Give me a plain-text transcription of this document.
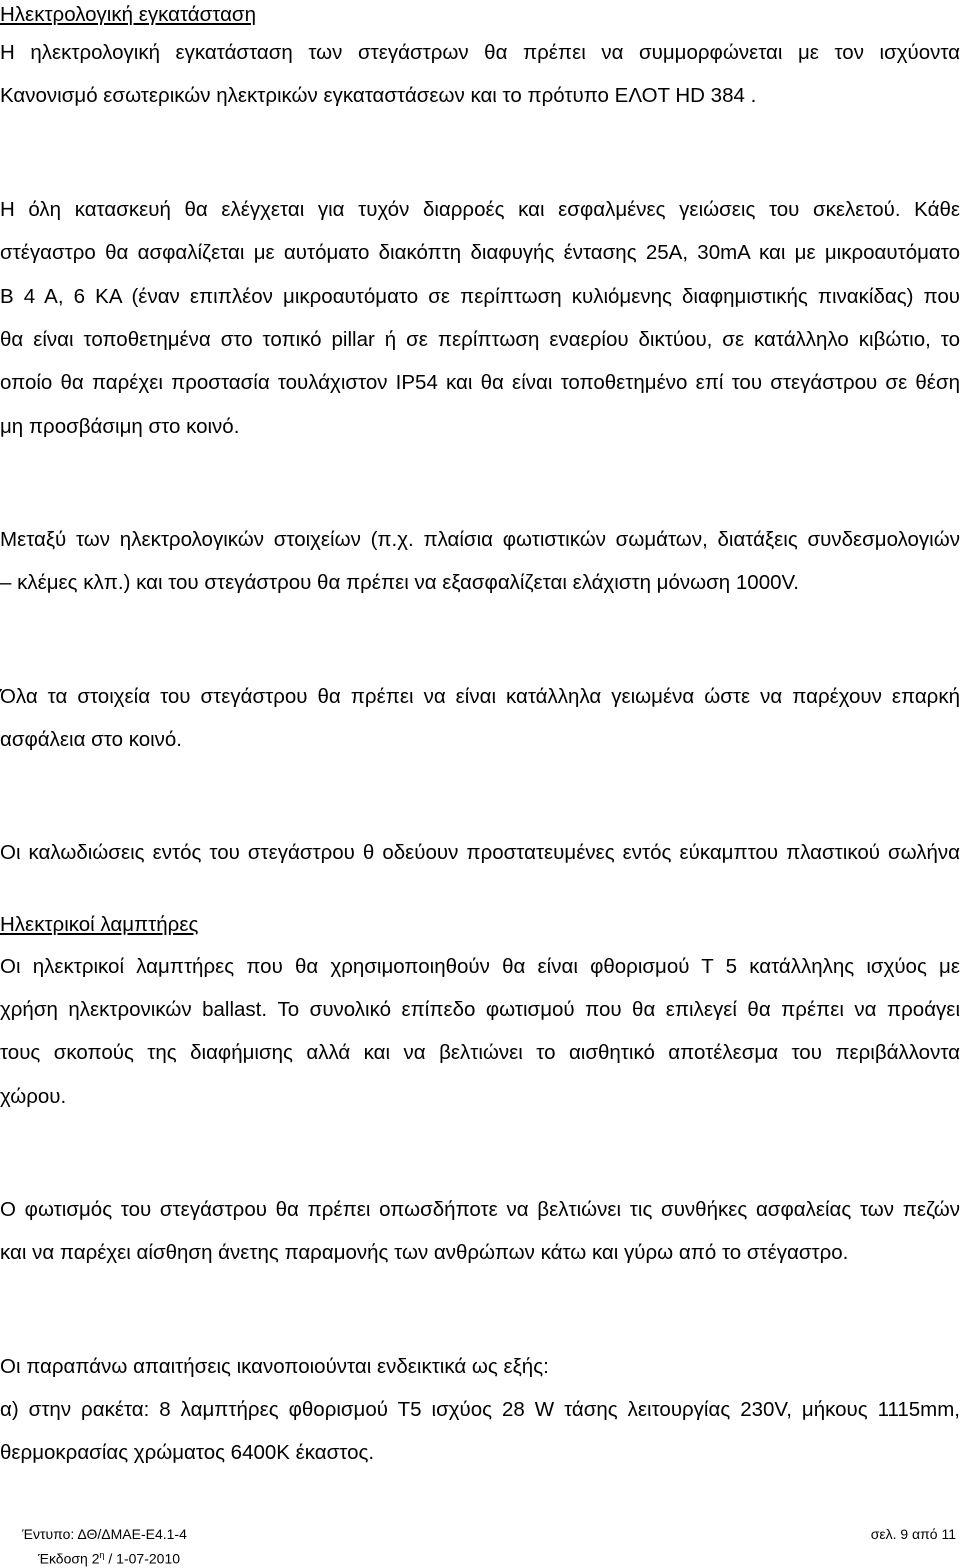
Ηλεκτρολογική εγκατάσταση
Η ηλεκτρολογική εγκατάσταση των στεγάστρων θα πρέπει να συμμορφώνεται με τον ισχύοντα
Κανονισμό εσωτερικών ηλεκτρικών εγκαταστάσεων και το πρότυπο ΕΛΟΤ HD 384 .
Η όλη κατασκευή θα ελέγχεται για τυχόν διαρροές και εσφαλμένες γειώσεις του σκελετού. Κάθε
στέγαστρο θα ασφαλίζεται με αυτόματο διακόπτη διαφυγής έντασης 25Α, 30mA και με μικροαυτόματο
Β 4 Α, 6 ΚΑ (έναν επιπλέον μικροαυτόματο σε περίπτωση κυλιόμενης διαφημιστικής πινακίδας) που
θα είναι τοποθετημένα στο τοπικό pillar ή σε περίπτωση εναερίου δικτύου, σε κατάλληλο κιβώτιο, το
οποίο θα παρέχει προστασία τουλάχιστον IP54 και θα είναι τοποθετημένο επί του στεγάστρου σε θέση
μη προσβάσιμη στο κοινό.
Μεταξύ των ηλεκτρολογικών στοιχείων (π.χ. πλαίσια φωτιστικών σωμάτων, διατάξεις συνδεσμολογιών
– κλέμες κλπ.) και του στεγάστρου θα πρέπει να εξασφαλίζεται ελάχιστη μόνωση 1000V.
Όλα τα στοιχεία του στεγάστρου θα πρέπει να είναι κατάλληλα γειωμένα ώστε να παρέχουν επαρκή
ασφάλεια στο κοινό.
Οι καλωδιώσεις εντός του στεγάστρου θ οδεύουν προστατευμένες εντός εύκαμπτου πλαστικού σωλήνα
Ηλεκτρικοί λαμπτήρες
Οι ηλεκτρικοί λαμπτήρες που θα χρησιμοποιηθούν θα είναι φθορισμού Τ 5 κατάλληλης ισχύος με
χρήση ηλεκτρονικών ballast. Το συνολικό επίπεδο φωτισμού που θα επιλεγεί θα πρέπει να προάγει
τους σκοπούς της διαφήμισης αλλά και να βελτιώνει το αισθητικό αποτέλεσμα του περιβάλλοντα
χώρου.
Ο φωτισμός του στεγάστρου θα πρέπει οπωσδήποτε να βελτιώνει τις συνθήκες ασφαλείας των πεζών
και να παρέχει αίσθηση άνετης παραμονής των ανθρώπων κάτω και γύρω από το στέγαστρο.
Οι παραπάνω απαιτήσεις ικανοποιούνται ενδεικτικά ως εξής:
α) στην ρακέτα: 8 λαμπτήρες φθορισμού Τ5 ισχύος 28 W τάσης λειτουργίας 230V, μήκους 1115mm,
θερμοκρασίας χρώματος 6400Κ έκαστος.
Έντυπο: ΔΘ/ΔΜΑΕ-Ε4.1-4	σελ. 9 από 11
Έκδοση $2^\eta / 1-07-2010$
